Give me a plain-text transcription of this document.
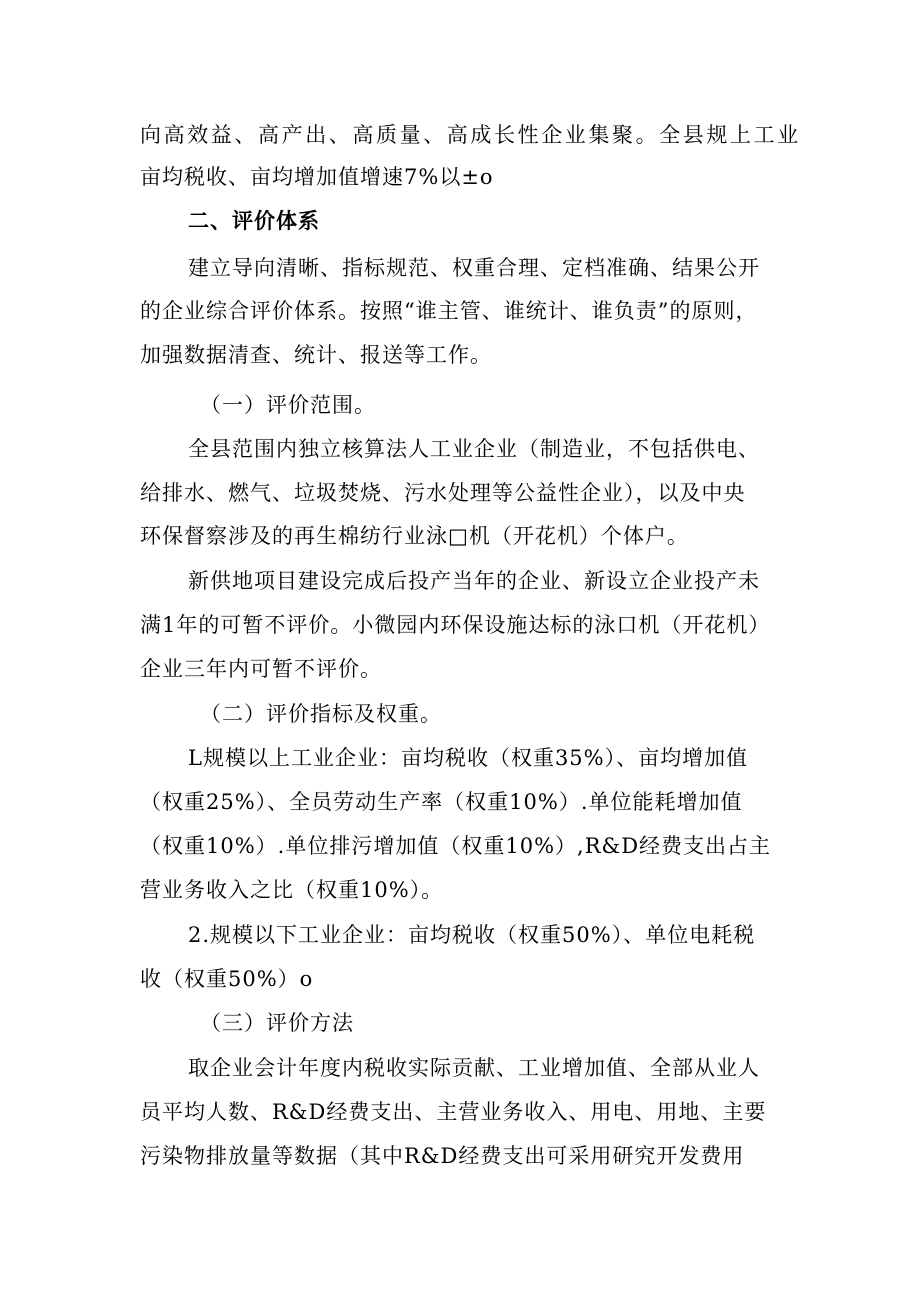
向高效益、高产出、高质量、高成长性企业集聚。全县规上工业
亩均税收、亩均增加值增速7%以±o
二、评价体系
建立导向清晰、指标规范、权重合理、定档准确、结果公开
的企业综合评价体系。按照“谁主管、谁统计、谁负责”的原则，
加强数据清查、统计、报送等工作。
（一）评价范围。
全县范围内独立核算法人工业企业（制造业，不包括供电、
给排水、燃气、垃圾焚烧、污水处理等公益性企业），以及中央
环保督察涉及的再生棉纺行业泳□机（开花机）个体户。
新供地项目建设完成后投产当年的企业、新设立企业投产未
满1年的可暂不评价。小微园内环保设施达标的泳口机（开花机）
企业三年内可暂不评价。
（二）评价指标及权重。
L规模以上工业企业：亩均税收（权重35%）、亩均增加值
（权重25%）、全员劳动生产率（权重10%）.单位能耗增加值
（权重10%）.单位排污增加值（权重10%）,R&D经费支出占主
营业务收入之比（权重10%）。
2.规模以下工业企业：亩均税收（权重50%）、单位电耗税
收（权重50%）o
（三）评价方法
取企业会计年度内税收实际贡献、工业增加值、全部从业人
员平均人数、R&D经费支出、主营业务收入、用电、用地、主要
污染物排放量等数据（其中R&D经费支出可采用研究开发费用
